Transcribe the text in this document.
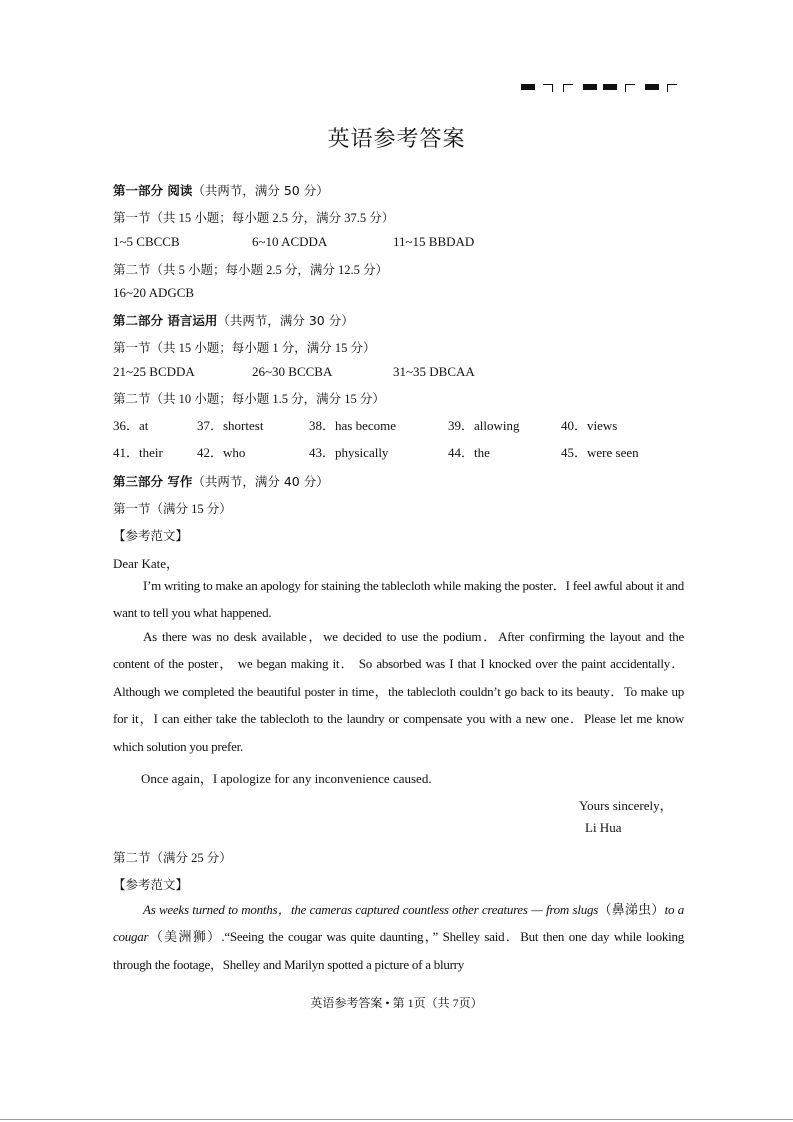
英语参考答案
第一部分 阅读（共两节，满分 50 分）
第一节（共 15 小题；每小题 2.5 分，满分 37.5 分）
1~5 CBCCB	6~10 ACDDA	11~15 BBDAD
第二节（共 5 小题；每小题 2.5 分，满分 12.5 分）
16~20 ADGCB
第二部分 语言运用（共两节，满分 30 分）
第一节（共 15 小题；每小题 1 分，满分 15 分）
21~25 BCDDA	26~30 BCCBA	31~35 DBCAA
第二节（共 10 小题；每小题 1.5 分，满分 15 分）
36．at	37．shortest	38．has become	39．allowing	40．views
41．their	42．who	43．physically	44．the	45．were seen
第三部分 写作（共两节，满分 40 分）
第一节（满分 15 分）
【参考范文】
Dear Kate，
I’m writing to make an apology for staining the tablecloth while making the poster．I feel awful about it and want to tell you what happened.
As there was no desk available，we decided to use the podium．After confirming the layout and the content of the poster， we began making it． So absorbed was I that I knocked over the paint accidentally．Although we completed the beautiful poster in time，the tablecloth couldn’t go back to its beauty．To make up for it，I can either take the tablecloth to the laundry or compensate you with a new one．Please let me know which solution you prefer.
Once again，I apologize for any inconvenience caused.
Yours sincerely，
Li Hua
第二节（满分 25 分）
【参考范文】
As weeks turned to months，the cameras captured countless other creatures — from slugs（鼻涕虫）to a cougar（美洲狮）.“Seeing the cougar was quite daunting，” Shelley said．But then one day while looking through the footage，Shelley and Marilyn spotted a picture of a blurry
英语参考答案 • 第 1页（共 7页）
